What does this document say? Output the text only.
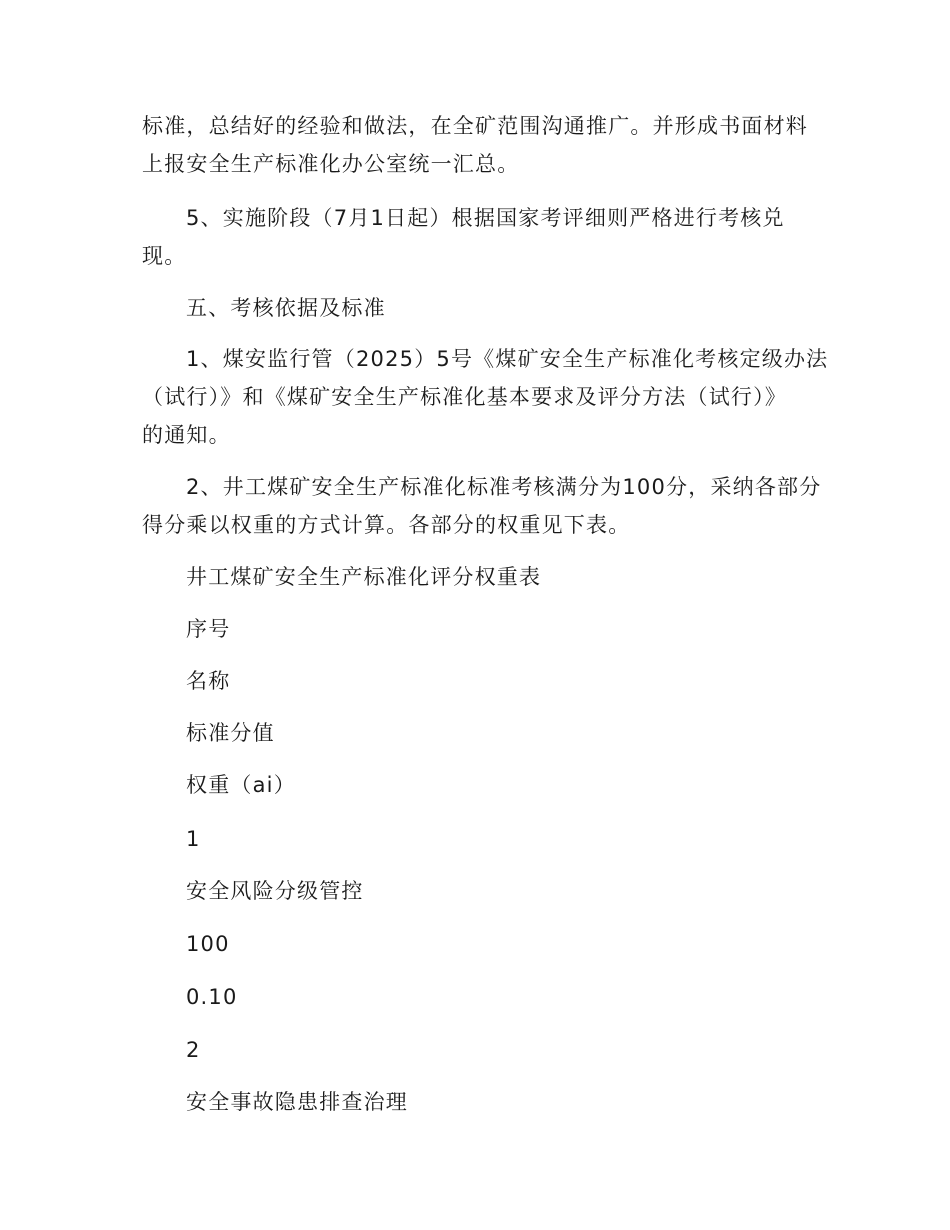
标准，总结好的经验和做法，在全矿范围沟通推广。并形成书面材料
上报安全生产标准化办公室统一汇总。
5、实施阶段（7月1日起）根据国家考评细则严格进行考核兑
现。
五、考核依据及标准
1、煤安监行管（2025）5号《煤矿安全生产标准化考核定级办法
（试行）》和《煤矿安全生产标准化基本要求及评分方法（试行）》
的通知。
2、井工煤矿安全生产标准化标准考核满分为100分，采纳各部分
得分乘以权重的方式计算。各部分的权重见下表。
井工煤矿安全生产标准化评分权重表
序号
名称
标准分值
权重（ai）
1
安全风险分级管控
100
0.10
2
安全事故隐患排查治理
